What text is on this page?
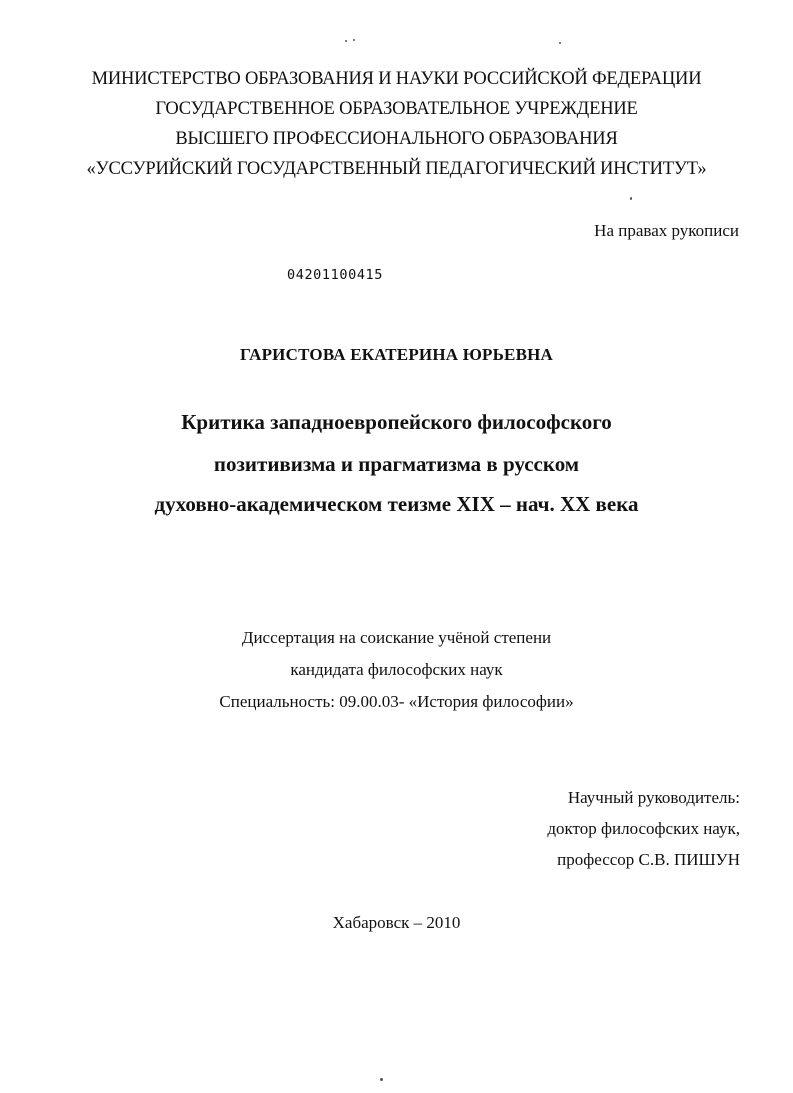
МИНИСТЕРСТВО ОБРАЗОВАНИЯ И НАУКИ РОССИЙСКОЙ ФЕДЕРАЦИИ
ГОСУДАРСТВЕННОЕ ОБРАЗОВАТЕЛЬНОЕ УЧРЕЖДЕНИЕ
ВЫСШЕГО ПРОФЕССИОНАЛЬНОГО ОБРАЗОВАНИЯ
«УССУРИЙСКИЙ ГОСУДАРСТВЕННЫЙ ПЕДАГОГИЧЕСКИЙ ИНСТИТУТ»
На правах рукописи
04201100415
ГАРИСТОВА ЕКАТЕРИНА ЮРЬЕВНА
Критика западноевропейского философского
позитивизма и прагматизма в русском
духовно-академическом теизме XIX – нач. XX века
Диссертация на соискание учёной степени
кандидата философских наук
Специальность: 09.00.03- «История философии»
Научный руководитель:
доктор философских наук,
профессор С.В. ПИШУН
Хабаровск – 2010
